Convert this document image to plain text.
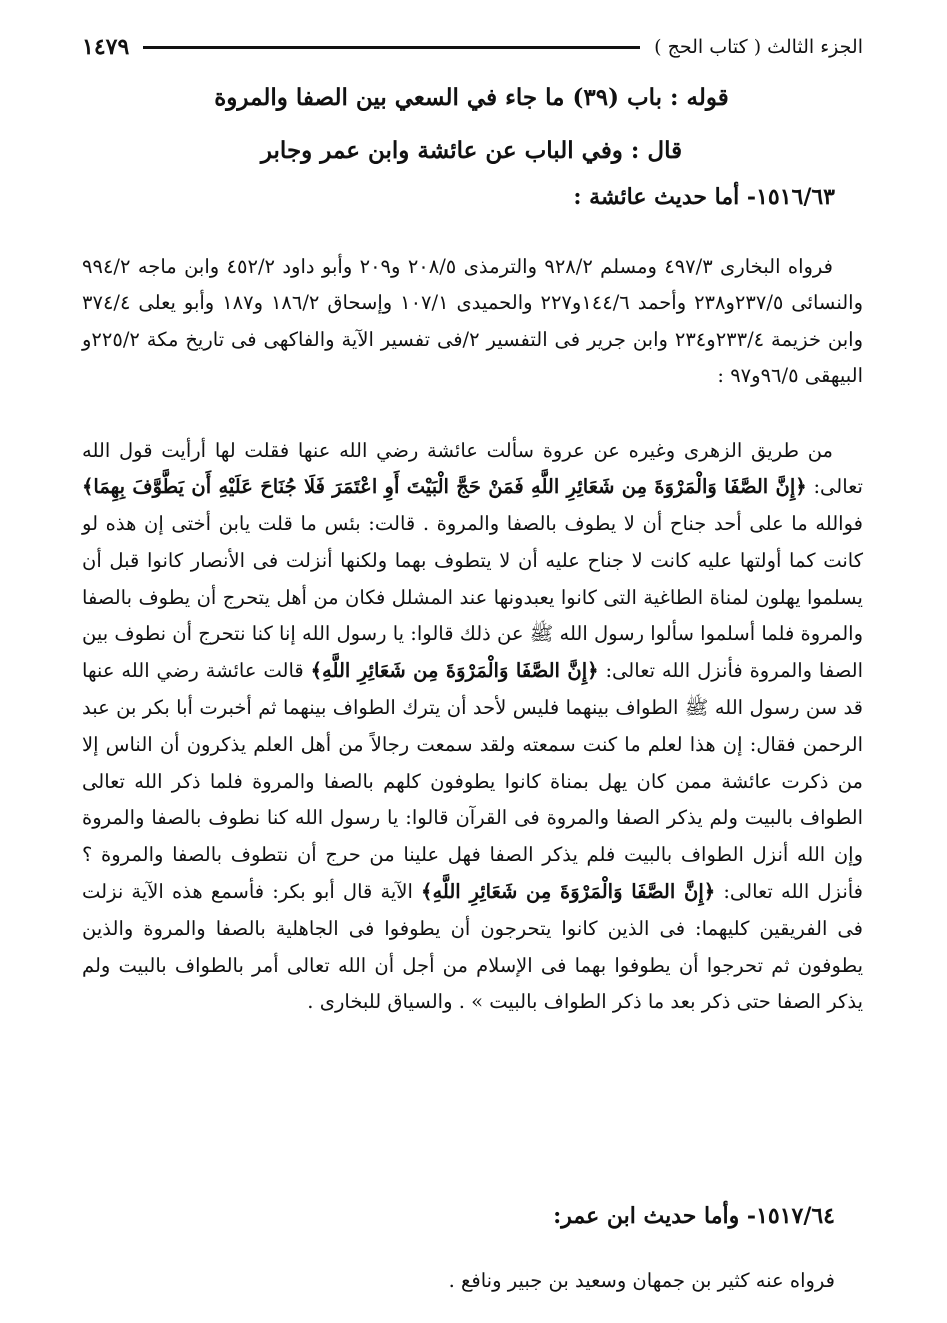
الجزء الثالث ( كتاب الحج )
١٤٧٩
قوله : باب (٣٩) ما جاء في السعي بين الصفا والمروة
قال : وفي الباب عن عائشة وابن عمر وجابر
١٥١٦/٦٣- أما حديث عائشة :

فرواه البخارى ٤٩٧/٣ ومسلم ٩٢٨/٢ والترمذى ٢٠٨/٥ و٢٠٩ وأبو داود ٤٥٢/٢ وابن ماجه ٩٩٤/٢ والنسائى ٢٣٧/٥و٢٣٨ وأحمد ١٤٤/٦و٢٢٧ والحميدى ١٠٧/١ وإسحاق ١٨٦/٢ و١٨٧ وأبو يعلى ٣٧٤/٤ وابن خزيمة ٢٣٣/٤و٢٣٤ وابن جرير فى التفسير ٢/فى تفسير الآية والفاكهى فى تاريخ مكة ٢٢٥/٢و البيهقى ٩٦/٥و٩٧ :

من طريق الزهرى وغيره عن عروة سألت عائشة رضي الله عنها فقلت لها أرأيت قول الله تعالى: ﴿إِنَّ الصَّفَا وَالْمَرْوَةَ مِن شَعَائِرِ اللَّهِ فَمَنْ حَجَّ الْبَيْتَ أَوِ اعْتَمَرَ فَلَا جُنَاحَ عَلَيْهِ أَن يَطَّوَّفَ بِهِمَا﴾ فوالله ما على أحد جناح أن لا يطوف بالصفا والمروة . قالت: بئس ما قلت يابن أختى إن هذه لو كانت كما أولتها عليه كانت لا جناح عليه أن لا يتطوف بهما ولكنها أنزلت فى الأنصار كانوا قبل أن يسلموا يهلون لمناة الطاغية التى كانوا يعبدونها عند المشلل فكان من أهل يتحرج أن يطوف بالصفا والمروة فلما أسلموا سألوا رسول الله ﷺ عن ذلك قالوا: يا رسول الله إنا كنا نتحرج أن نطوف بين الصفا والمروة فأنزل الله تعالى: ﴿إِنَّ الصَّفَا وَالْمَرْوَةَ مِن شَعَائِرِ اللَّهِ﴾ قالت عائشة رضي الله عنها قد سن رسول الله ﷺ الطواف بينهما فليس لأحد أن يترك الطواف بينهما ثم أخبرت أبا بكر بن عبد الرحمن فقال: إن هذا لعلم ما كنت سمعته ولقد سمعت رجالاً من أهل العلم يذكرون أن الناس إلا من ذكرت عائشة ممن كان يهل بمناة كانوا يطوفون كلهم بالصفا والمروة فلما ذكر الله تعالى الطواف بالبيت ولم يذكر الصفا والمروة فى القرآن قالوا: يا رسول الله كنا نطوف بالصفا والمروة وإن الله أنزل الطواف بالبيت فلم يذكر الصفا فهل علينا من حرج أن نتطوف بالصفا والمروة ؟ فأنزل الله تعالى: ﴿إِنَّ الصَّفَا وَالْمَرْوَةَ مِن شَعَائِرِ اللَّهِ﴾ الآية قال أبو بكر: فأسمع هذه الآية نزلت فى الفريقين كليهما: فى الذين كانوا يتحرجون أن يطوفوا فى الجاهلية بالصفا والمروة والذين يطوفون ثم تحرجوا أن يطوفوا بهما فى الإسلام من أجل أن الله تعالى أمر بالطواف بالبيت ولم يذكر الصفا حتى ذكر بعد ما ذكر الطواف بالبيت » . والسياق للبخارى .

١٥١٧/٦٤- وأما حديث ابن عمر:

فرواه عنه كثير بن جمهان وسعيد بن جبير ونافع .
